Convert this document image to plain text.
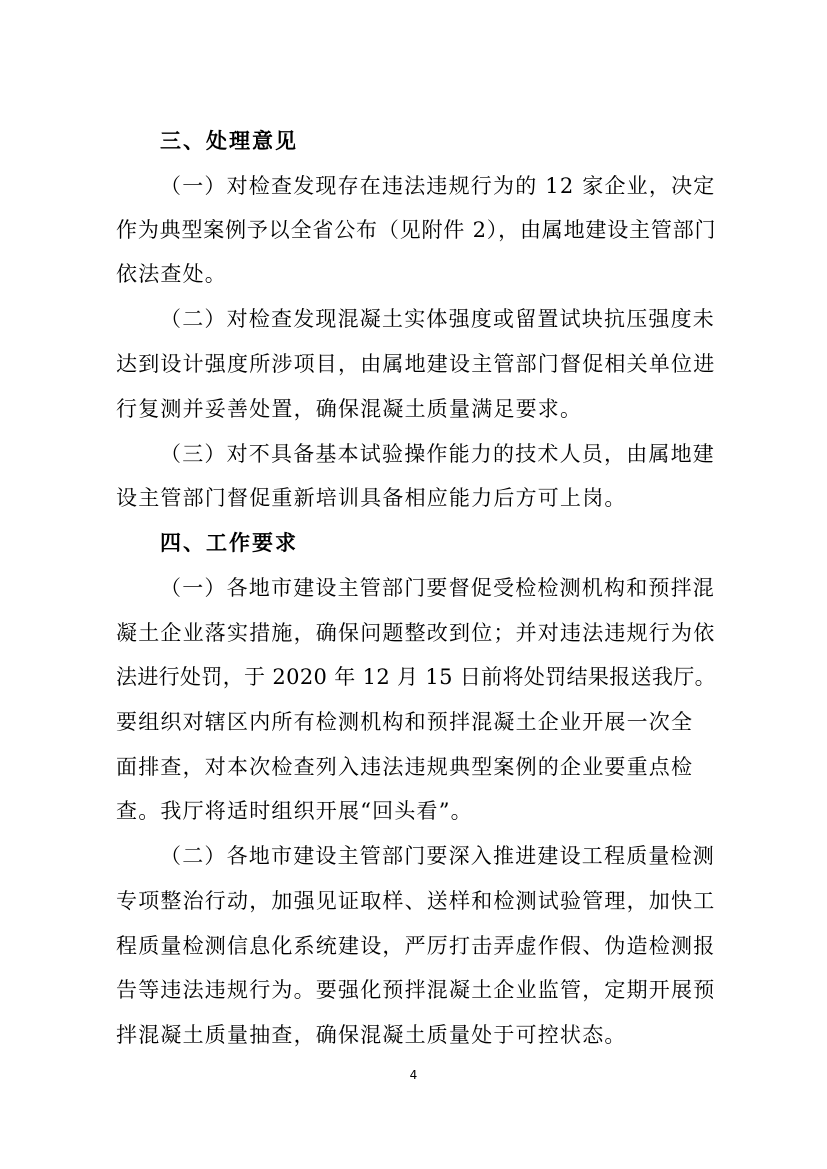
三、处理意见
（一）对检查发现存在违法违规行为的 12 家企业，决定
作为典型案例予以全省公布（见附件 2），由属地建设主管部门
依法查处。
（二）对检查发现混凝土实体强度或留置试块抗压强度未
达到设计强度所涉项目，由属地建设主管部门督促相关单位进
行复测并妥善处置，确保混凝土质量满足要求。
（三）对不具备基本试验操作能力的技术人员，由属地建
设主管部门督促重新培训具备相应能力后方可上岗。
四、工作要求
（一）各地市建设主管部门要督促受检检测机构和预拌混
凝土企业落实措施，确保问题整改到位；并对违法违规行为依
法进行处罚，于 2020 年 12 月 15 日前将处罚结果报送我厅。
要组织对辖区内所有检测机构和预拌混凝土企业开展一次全
面排查，对本次检查列入违法违规典型案例的企业要重点检
查。我厅将适时组织开展“回头看”。
（二）各地市建设主管部门要深入推进建设工程质量检测
专项整治行动，加强见证取样、送样和检测试验管理，加快工
程质量检测信息化系统建设，严厉打击弄虚作假、伪造检测报
告等违法违规行为。要强化预拌混凝土企业监管，定期开展预
拌混凝土质量抽查，确保混凝土质量处于可控状态。
4
